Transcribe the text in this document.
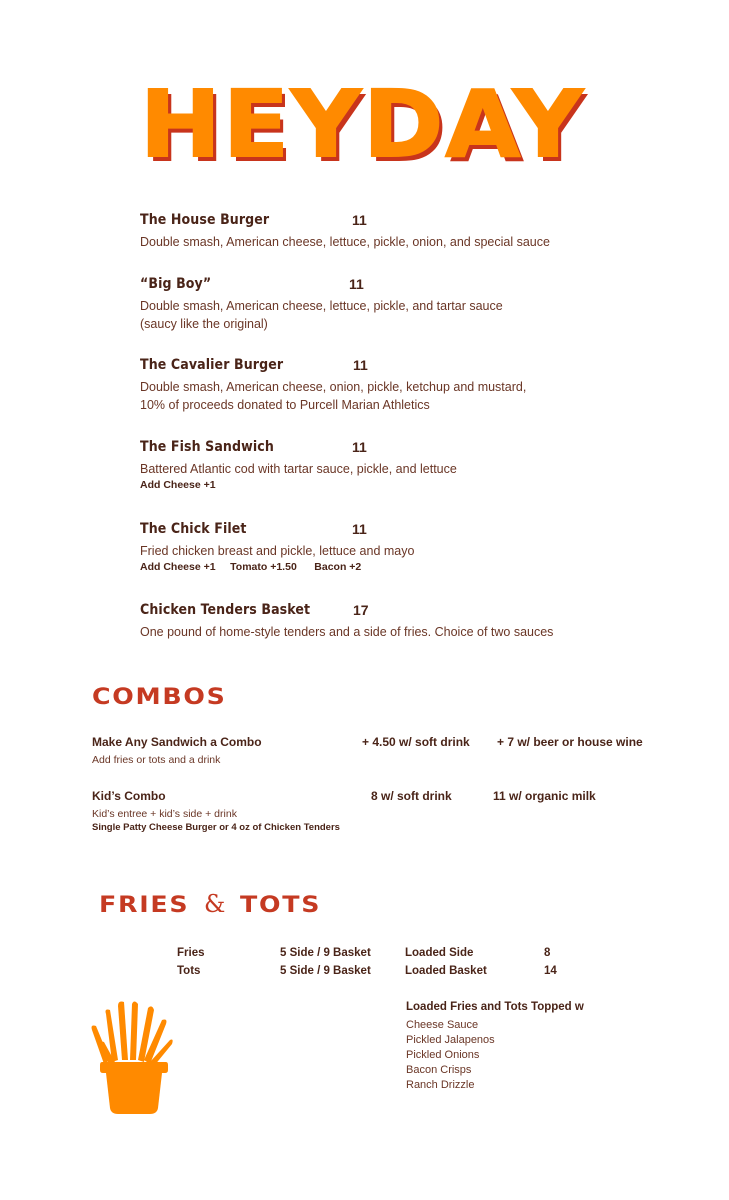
HEYDAY
The House Burger	11
Double smash, American cheese, lettuce, pickle, onion, and special sauce
“Big Boy”	11
Double smash, American cheese, lettuce, pickle, and tartar sauce
(saucy like the original)
The Cavalier Burger	11
Double smash, American cheese, onion, pickle, ketchup and mustard,
10% of proceeds donated to Purcell Marian Athletics
The Fish Sandwich	11
Battered Atlantic cod with tartar sauce, pickle, and lettuce
Add Cheese +1
The Chick Filet	11
Fried chicken breast and pickle, lettuce and mayo
Add Cheese +1     Tomato +1.50      Bacon +2
Chicken Tenders Basket	17
One pound of home-style tenders and a side of fries. Choice of two sauces
COMBOS
Make Any Sandwich a Combo	+ 4.50 w/ soft drink + 7 w/ beer or house wine
Add fries or tots and a drink
Kid’s Combo	8 w/ soft drink	11 w/ organic milk
Kid’s entree + kid’s side + drink
Single Patty Cheese Burger or 4 oz of Chicken Tenders
FRIES & TOTS
Fries	5 Side / 9 Basket	Loaded Side	8
Tots	5 Side / 9 Basket	Loaded Basket	14
Loaded Fries and Tots Topped w
Cheese Sauce
Pickled Jalapenos
Pickled Onions
Bacon Crisps
Ranch Drizzle
